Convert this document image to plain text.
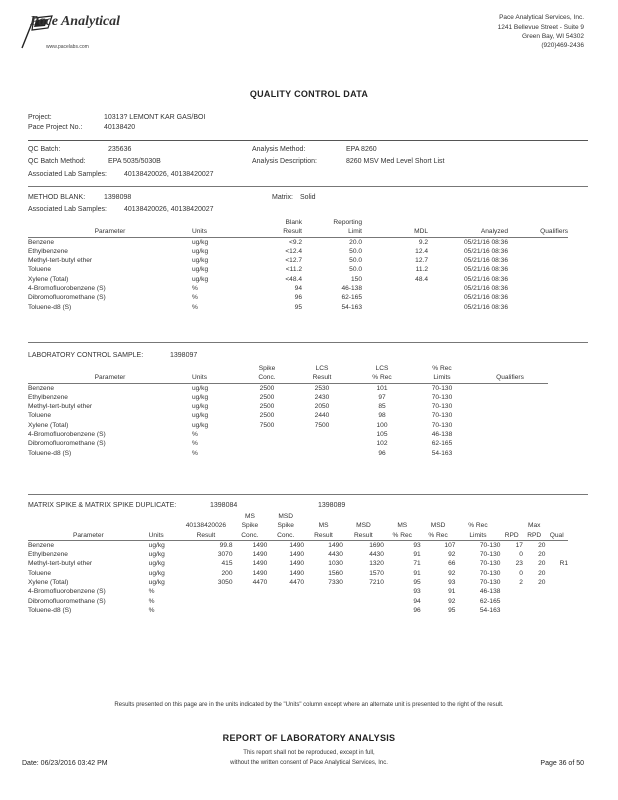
Pace Analytical
www.pacelabs.com
Pace Analytical Services, Inc.
1241 Bellevue Street - Suite 9
Green Bay, WI 54302
(920)469-2436
QUALITY CONTROL DATA
Project:	10313? LEMONT KAR GAS/BOI
Pace Project No.:	40138420
QC Batch:	235636	Analysis Method:	EPA 8260
QC Batch Method:	EPA 5035/5030B	Analysis Description:	8260 MSV Med Level Short List
Associated Lab Samples: 40138420026, 40138420027
METHOD BLANK:	1398098	Matrix: Solid
Associated Lab Samples: 40138420026, 40138420027
		Blank	Reporting			
Parameter	Units	Result	Limit	MDL	Analyzed	Qualifiers
Benzene	ug/kg	<9.2	20.0	9.2	05/21/16 08:36	
Ethylbenzene	ug/kg	<12.4	50.0	12.4	05/21/16 08:36	
Methyl-tert-butyl ether	ug/kg	<12.7	50.0	12.7	05/21/16 08:36	
Toluene	ug/kg	<11.2	50.0	11.2	05/21/16 08:36	
Xylene (Total)	ug/kg	<48.4	150	48.4	05/21/16 08:36	
4-Bromofluorobenzene (S)	%	94	46-138		05/21/16 08:36	
Dibromofluoromethane (S)	%	96	62-165		05/21/16 08:36	
Toluene-d8 (S)	%	95	54-163		05/21/16 08:36	
LABORATORY CONTROL SAMPLE:	1398097
		Spike	LCS	LCS	% Rec	
Parameter	Units	Conc.	Result	% Rec	Limits	Qualifiers
Benzene	ug/kg	2500	2530	101	70-130	
Ethylbenzene	ug/kg	2500	2430	97	70-130	
Methyl-tert-butyl ether	ug/kg	2500	2050	85	70-130	
Toluene	ug/kg	2500	2440	98	70-130	
Xylene (Total)	ug/kg	7500	7500	100	70-130	
4-Bromofluorobenzene (S)	%			105	46-138	
Dibromofluoromethane (S)	%			102	62-165	
Toluene-d8 (S)	%			96	54-163	
MATRIX SPIKE & MATRIX SPIKE DUPLICATE:	1398084	1398089
			MS	MSD								
		40138420026	Spike	Spike	MS	MSD	MS	MSD	% Rec		Max	
Parameter	Units	Result	Conc.	Conc.	Result	Result	% Rec	% Rec	Limits	RPD	RPD	Qual
Benzene	ug/kg	99.8	1490	1490	1490	1690	93	107	70-130	17	20	
Ethylbenzene	ug/kg	3070	1490	1490	4430	4430	91	92	70-130	0	20	
Methyl-tert-butyl ether	ug/kg	415	1490	1490	1030	1320	71	66	70-130	23	20	R1
Toluene	ug/kg	200	1490	1490	1560	1570	91	92	70-130	0	20	
Xylene (Total)	ug/kg	3050	4470	4470	7330	7210	95	93	70-130	2	20	
4-Bromofluorobenzene (S)	%						93	91	46-138			
Dibromofluoromethane (S)	%						94	92	62-165			
Toluene-d8 (S)	%						96	95	54-163			
Results presented on this page are in the units indicated by the "Units" column except where an alternate unit is presented to the right of the result.
REPORT OF LABORATORY ANALYSIS
This report shall not be reproduced, except in full,
without the written consent of Pace Analytical Services, Inc.
Date: 06/23/2016 03:42 PM	Page 36 of 50
